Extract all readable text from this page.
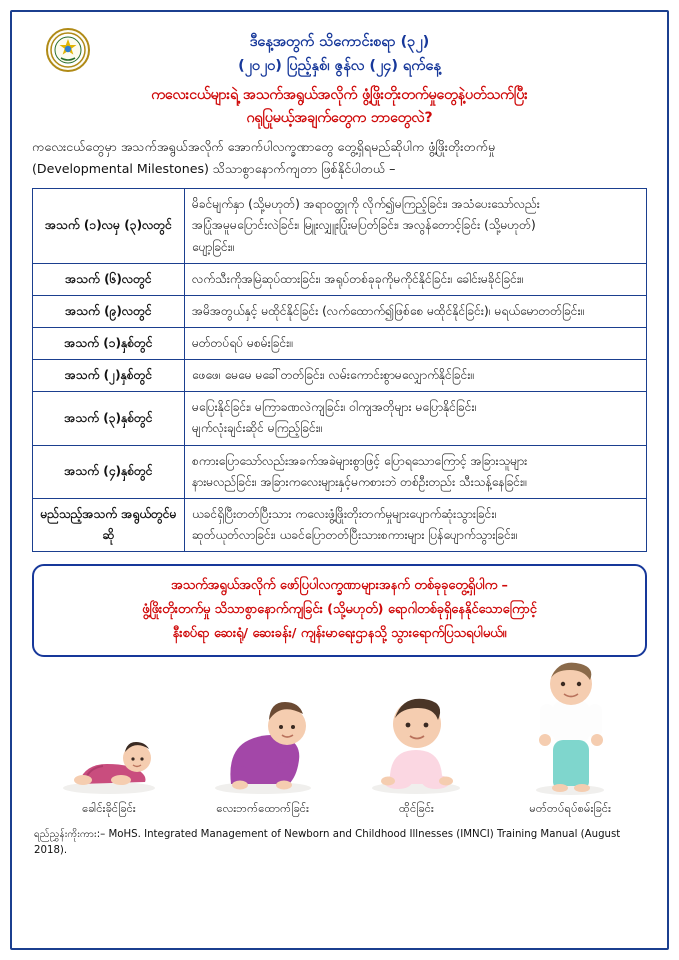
ဒီနေ့အတွက် သိကောင်းစရာ (၃၂)
(၂၀၂၀) ပြည့်နှစ်၊ ဇွန်လ (၂၄) ရက်နေ့
ကလေးငယ်များရဲ့ အသက်အရွယ်အလိုက် ဖွံ့ဖြိုးတိုးတက်မှုတွေနဲ့ပတ်သက်ပြီး
ဂရုပြုမယ့်အချက်တွေက ဘာတွေလဲ?
ကလေးငယ်တွေမှာ အသက်အရွယ်အလိုက် အောက်ပါလက္ခဏာတွေ တွေ့ရှိရမည်ဆိုပါက ဖွံ့ဖြိုးတိုးတက်မှု
(Developmental Milestones) သိသာစွာနောက်ကျတာ ဖြစ်နိုင်ပါတယ် –
အသက် (၁)လမှ (၃)လတွင်	မိခင်မျက်နှာ (သို့မဟုတ်) အရာဝတ္ထုကို လိုက်၍မကြည့်ခြင်း၊ အသံပေးသော်လည်း
အပြုံအမူမပြောင်းလဲခြင်း၊ မြူးလျှူးပြုံးမပြတ်ခြင်း၊ အလွန်တောင့်ခြင်း (သို့မဟုတ်)
ပျော့ခြင်း။

အသက် (၆)လတွင်	လက်သီးကိုအမြဲဆုပ်ထားခြင်း၊ အရုပ်တစ်ခုခုကိုမကိုင်နိုင်ခြင်း၊ ခေါင်းမခိုင်ခြင်း။

အသက် (၉)လတွင်	အမိအတွယ်နှင့် မထိုင်နိုင်ခြင်း (လက်ထောက်၍ဖြစ်စေ မထိုင်နိုင်ခြင်း)၊ မရယ်မောတတ်ခြင်း။

အသက် (၁)နှစ်တွင်	မတ်တပ်ရပ် မစမ်းခြင်း။

အသက် (၂)နှစ်တွင်	ဖေဖေ၊ မေမေ မခေါ်တတ်ခြင်း၊ လမ်းကောင်းစွာမလျှောက်နိုင်ခြင်း။

အသက် (၃)နှစ်တွင်	မပြေးနိုင်ခြင်း၊ မကြာခဏလဲကျခြင်း၊ ဝါကျအတိုများ မပြောနိုင်ခြင်း၊
မျက်လုံးချင်းဆိုင် မကြည့်ခြင်း။

အသက် (၄)နှစ်တွင်	စကားပြောသော်လည်းအခက်အခဲများစွာဖြင့် ပြောရသောကြောင့် အခြားသူများ
နားမလည်ခြင်း၊ အခြားကလေးများနှင့်မကစားဘဲ တစ်ဦးတည်း သီးသန့်နေခြင်း။

မည်သည့်အသက် အရွယ်တွင်မဆို	ယခင်ရှိပြီးတတ်ပြီးသား ကလေးဖွံ့ဖြိုးတိုးတက်မှုများပျောက်ဆုံးသွားခြင်း၊
ဆုတ်ယုတ်လာခြင်း၊ ယခင်ပြောတတ်ပြီးသားစကားများ ပြန်ပျောက်သွားခြင်း။
အသက်အရွယ်အလိုက် ဖော်ပြပါလက္ခဏာများအနက် တစ်ခုခုတွေ့ရှိပါက –
ဖွံ့ဖြိုးတိုးတက်မှု သိသာစွာနောက်ကျခြင်း (သို့မဟုတ်) ရောဂါတစ်ခုရှိနေနိုင်သောကြောင့်
နီးစပ်ရာ ဆေးရုံ/ ဆေးခန်း/ ကျန်းမာရေးဌာနသို့ သွားရောက်ပြသရပါမယ်။
ခေါင်းခိုင်ခြင်း	လေးဘက်ထောက်ခြင်း	ထိုင်ခြင်း	မတ်တပ်ရပ်စမ်းခြင်း
ရည်ညွှန်းကိုးကား:– MoHS. Integrated Management of Newborn and Childhood Illnesses (IMNCI) Training Manual (August 2018).
